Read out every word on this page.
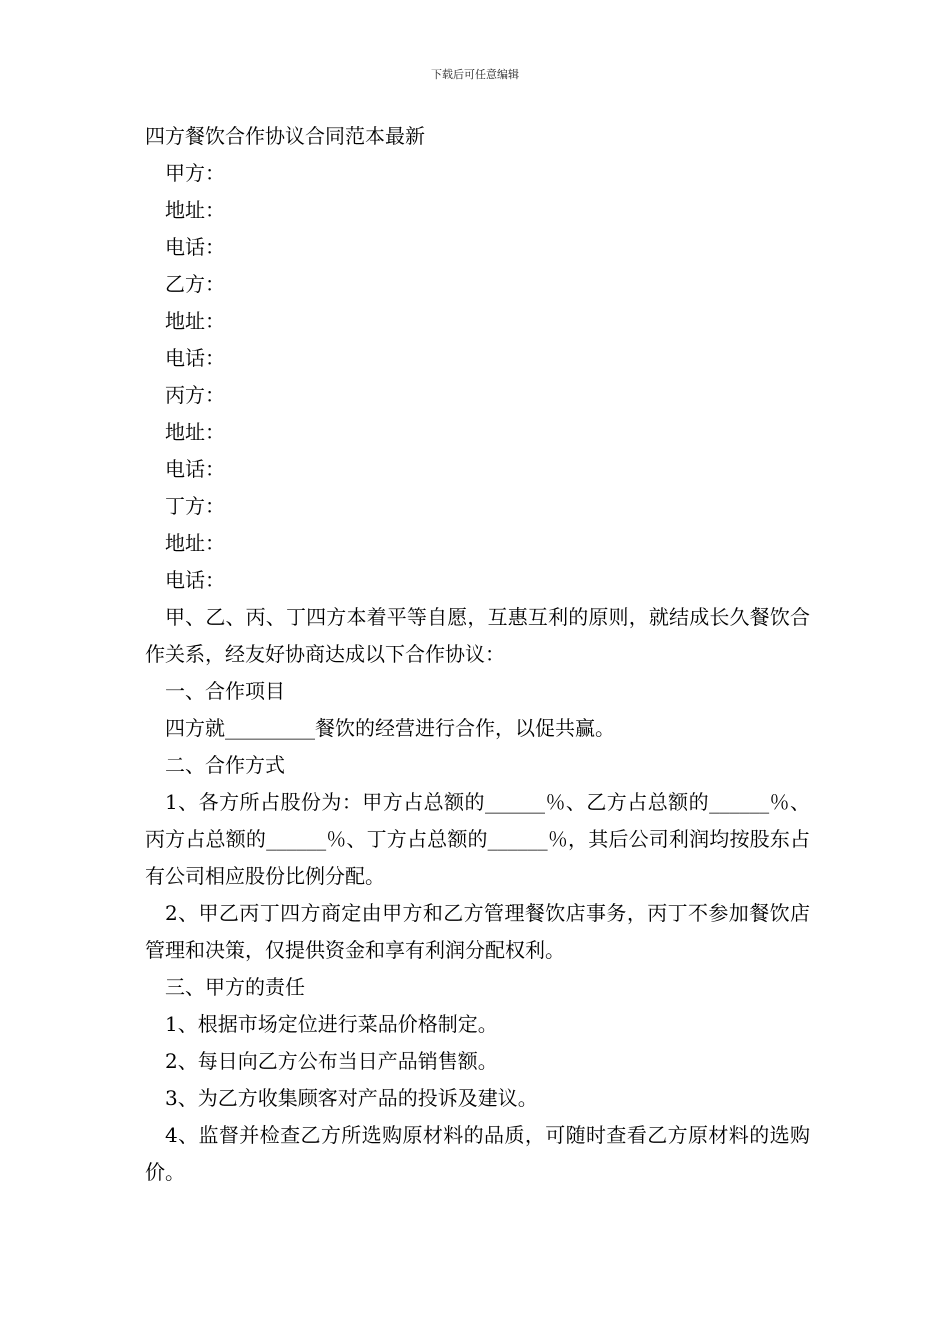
下载后可任意编辑

四方餐饮合作协议合同范本最新

甲方：

地址：

电话：

乙方：

地址：

电话：

丙方：

地址：

电话：

丁方：

地址：

电话：

甲、乙、丙、丁四方本着平等自愿，互惠互利的原则，就结成长久餐饮合作关系，经友好协商达成以下合作协议：

一、合作项目

四方就_________餐饮的经营进行合作，以促共赢。

二、合作方式

1、各方所占股份为：甲方占总额的______％、乙方占总额的______％、丙方占总额的______％、丁方占总额的______％，其后公司利润均按股东占有公司相应股份比例分配。

2、甲乙丙丁四方商定由甲方和乙方管理餐饮店事务，丙丁不参加餐饮店管理和决策，仅提供资金和享有利润分配权利。

三、甲方的责任

1、根据市场定位进行菜品价格制定。

2、每日向乙方公布当日产品销售额。

3、为乙方收集顾客对产品的投诉及建议。

4、监督并检查乙方所选购原材料的品质，可随时查看乙方原材料的选购价。
